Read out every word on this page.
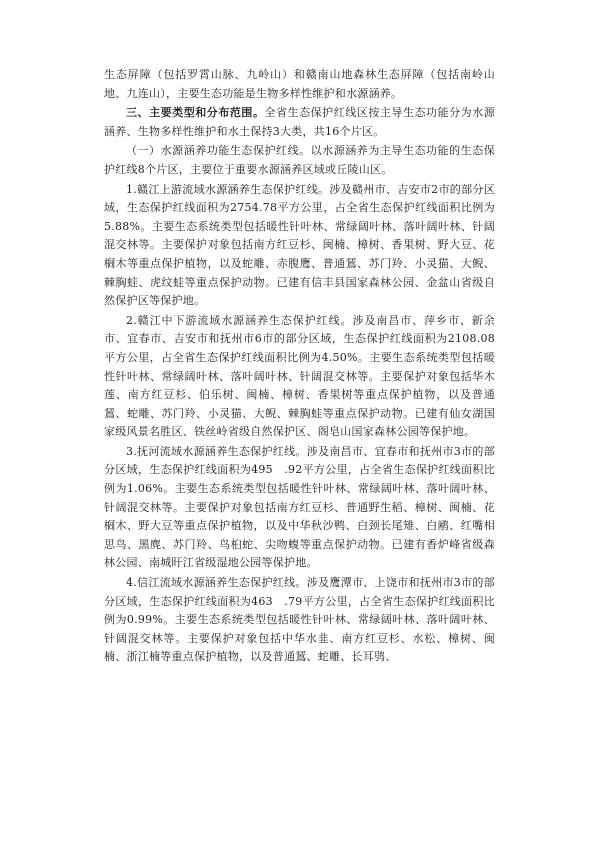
生态屏障（包括罗霄山脉、九岭山）和赣南山地森林生态屏障（包括南岭山地、九连山），主要生态功能是生物多样性维护和水源涵养。

三、主要类型和分布范围。全省生态保护红线区按主导生态功能分为水源涵养、生物多样性维护和水土保持3大类，共16个片区。

（一）水源涵养功能生态保护红线。以水源涵养为主导生态功能的生态保护红线8个片区，主要位于重要水源涵养区域或丘陵山区。

1.赣江上游流域水源涵养生态保护红线。涉及赣州市、吉安市2市的部分区域，生态保护红线面积为2754.78平方公里，占全省生态保护红线面积比例为5.88%。主要生态系统类型包括暖性针叶林、常绿阔叶林、落叶阔叶林、针阔混交林等。主要保护对象包括南方红豆杉、闽楠、樟树、香果树、野大豆、花榈木等重点保护植物，以及蛇雕、赤腹鹰、普通鵟、苏门羚、小灵猫、大鲵、棘胸蛙、虎纹蛙等重点保护动物。已建有信丰县国家森林公园、金盆山省级自然保护区等保护地。

2.赣江中下游流域水源涵养生态保护红线。涉及南昌市、萍乡市、新余市、宜春市、吉安市和抚州市6市的部分区域，生态保护红线面积为2108.08平方公里，占全省生态保护红线面积比例为4.50%。主要生态系统类型包括暖性针叶林、常绿阔叶林、落叶阔叶林、针阔混交林等。主要保护对象包括华木莲、南方红豆杉、伯乐树、闽楠、樟树、香果树等重点保护植物，以及普通鵟、蛇雕、苏门羚、小灵猫、大鲵、棘胸蛙等重点保护动物。已建有仙女湖国家级风景名胜区、铁丝岭省级自然保护区、阁皂山国家森林公园等保护地。

3.抚河流域水源涵养生态保护红线。涉及南昌市、宜春市和抚州市3市的部分区域，生态保护红线面积为495　.92平方公里，占全省生态保护红线面积比例为1.06%。主要生态系统类型包括暖性针叶林、常绿阔叶林、落叶阔叶林、针阔混交林等。主要保护对象包括南方红豆杉、普通野生稻、樟树、闽楠、花榈木、野大豆等重点保护植物，以及中华秋沙鸭、白颈长尾雉、白鹇、红嘴相思鸟、黑麂、苏门羚、鸟桕蛇、尖吻蝮等重点保护动物。已建有香炉峰省级森林公园、南城盱江省级湿地公园等保护地。

4.信江流域水源涵养生态保护红线。涉及鹰潭市、上饶市和抚州市3市的部分区域，生态保护红线面积为463　.79平方公里，占全省生态保护红线面积比例为0.99%。主要生态系统类型包括暖性针叶林、常绿阔叶林、落叶阔叶林、针阔混交林等。主要保护对象包括中华水韭、南方红豆杉、水松、樟树、闽楠、浙江楠等重点保护植物，以及普通鵟、蛇雕、长耳鸮、
